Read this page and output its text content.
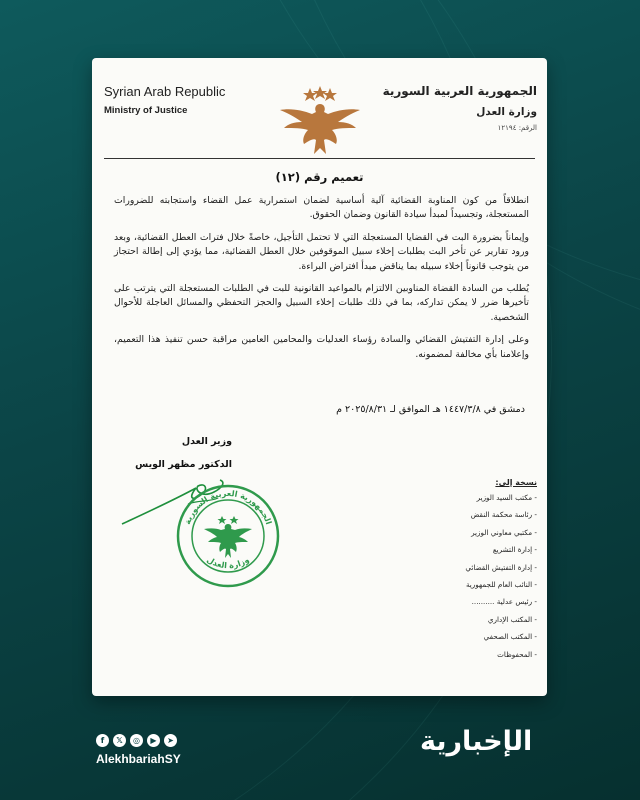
Syrian Arab Republic
Ministry of Justice
الجمهورية العربية السورية
وزارة العدل
الرقم: ١٢١٩٤
تعميم رقم (١٢)

انطلاقاً من كون المناوبة القضائية آلية أساسية لضمان استمرارية عمل القضاء واستجابته للضرورات المستعجلة، وتجسيداً لمبدأ سيادة القانون وضمان الحقوق.

وإيماناً بضرورة البت في القضايا المستعجلة التي لا تحتمل التأجيل، خاصةً خلال فترات العطل القضائية، وبعد ورود تقارير عن تأخر البت بطلبات إخلاء سبيل الموقوفين خلال العطل القضائية، مما يؤدي إلى إطالة احتجاز من يتوجب قانوناً إخلاء سبيله بما يناقض مبدأ افتراض البراءة.

يُطلب من السادة القضاة المناوبين الالتزام بالمواعيد القانونية للبت في الطلبات المستعجلة التي يترتب على تأخيرها ضرر لا يمكن تداركه، بما في ذلك طلبات إخلاء السبيل والحجز التحفظي والمسائل العاجلة للأحوال الشخصية.

وعلى إدارة التفتيش القضائي والسادة رؤساء العدليات والمحامين العامين مراقبة حسن تنفيذ هذا التعميم، وإعلامنا بأي مخالفة لمضمونه.

دمشق في ١٤٤٧/٣/٨ هـ الموافق لـ ٢٠٢٥/٨/٣١ م
وزير العدل
الدكتور مظهر الويس
الجمهورية العربية السورية
وزارة العدل
نسخة إلى:
- مكتب السيد الوزير
- رئاسة محكمة النقض
- مكتبي معاوني الوزير
- إدارة التشريع
- إدارة التفتيش القضائي
- النائب العام للجمهورية
- رئيس عدلية ..........
- المكتب الإداري
- المكتب الصحفي
- المحفوظات
f	𝕏	◎	▶	➤
AlekhbariahSY
الإخبارية
